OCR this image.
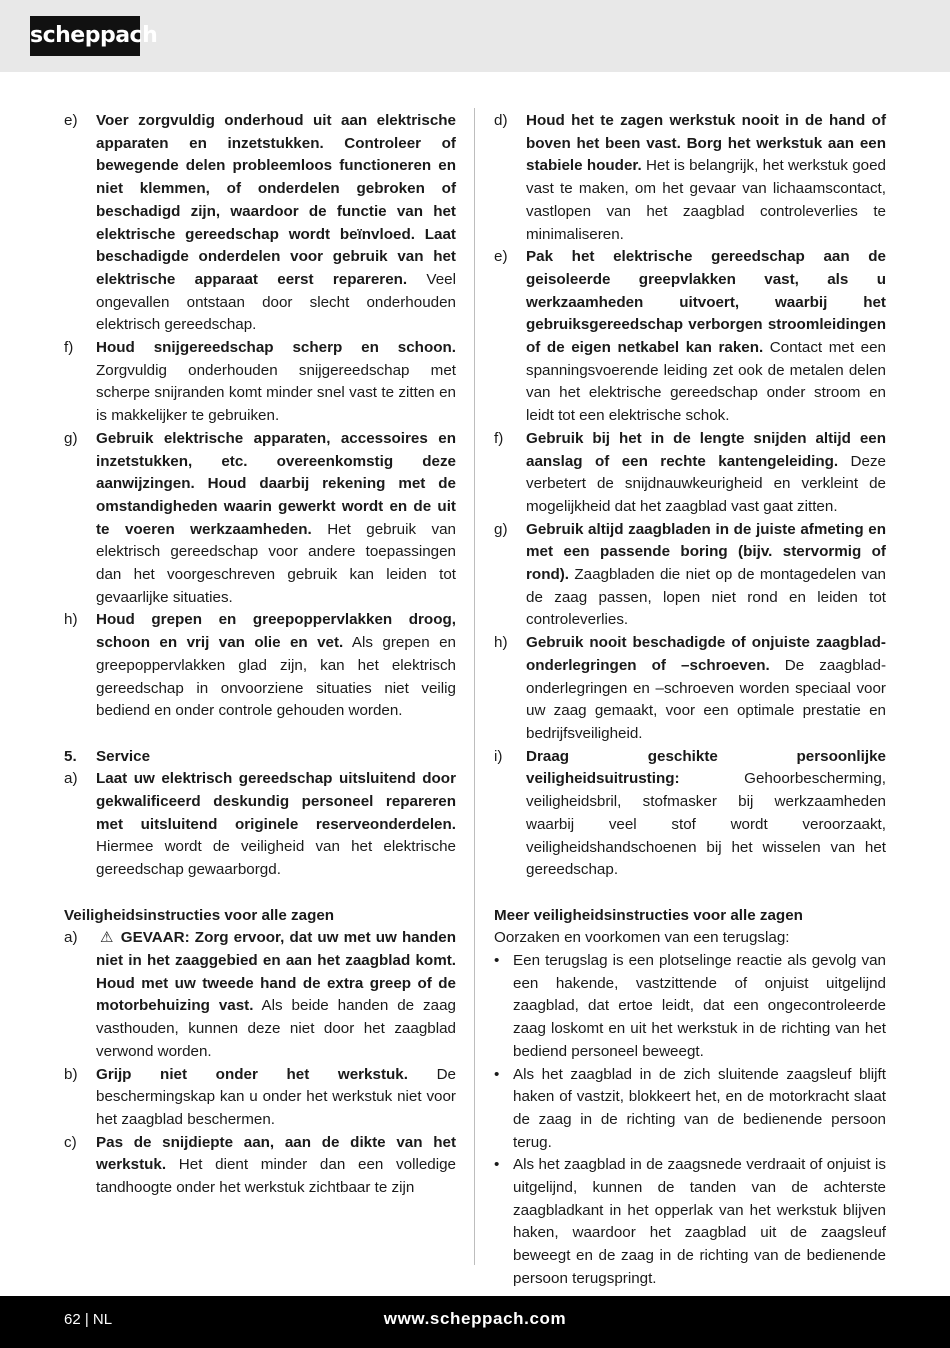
scheppach
e)	Voer zorgvuldig onderhoud uit aan elektrische apparaten en inzetstukken. Controleer of bewegende delen probleemloos functioneren en niet klemmen, of onderdelen gebroken of beschadigd zijn, waardoor de functie van het elektrische gereedschap wordt beïnvloed. Laat beschadigde onderdelen voor gebruik van het elektrische apparaat eerst repareren. Veel ongevallen ontstaan door slecht onderhouden elektrisch gereedschap.
f)	Houd snijgereedschap scherp en schoon. Zorgvuldig onderhouden snijgereedschap met scherpe snijranden komt minder snel vast te zitten en is makkelijker te gebruiken.
g)	Gebruik elektrische apparaten, accessoires en inzetstukken, etc. overeenkomstig deze aanwijzingen. Houd daarbij rekening met de omstandigheden waarin gewerkt wordt en de uit te voeren werkzaamheden. Het gebruik van elektrisch gereedschap voor andere toepassingen dan het voorgeschreven gebruik kan leiden tot gevaarlijke situaties.
h)	Houd grepen en greepoppervlakken droog, schoon en vrij van olie en vet. Als grepen en greepoppervlakken glad zijn, kan het elektrisch gereedschap in onvoorziene situaties niet veilig bediend en onder controle gehouden worden.
5.	Service
a)	Laat uw elektrisch gereedschap uitsluitend door gekwalificeerd deskundig personeel repareren met uitsluitend originele reserveonderdelen. Hiermee wordt de veiligheid van het elektrische gereedschap gewaarborgd.
Veiligheidsinstructies voor alle zagen
a)	⚠ GEVAAR: Zorg ervoor, dat uw met uw handen niet in het zaaggebied en aan het zaagblad komt. Houd met uw tweede hand de extra greep of de motorbehuizing vast. Als beide handen de zaag vasthouden, kunnen deze niet door het zaagblad verwond worden.
b)	Grijp niet onder het werkstuk. De beschermingskap kan u onder het werkstuk niet voor het zaagblad beschermen.
c)	Pas de snijdiepte aan, aan de dikte van het werkstuk. Het dient minder dan een volledige tandhoogte onder het werkstuk zichtbaar te zijn
d)	Houd het te zagen werkstuk nooit in de hand of boven het been vast. Borg het werkstuk aan een stabiele houder. Het is belangrijk, het werkstuk goed vast te maken, om het gevaar van lichaamscontact, vastlopen van het zaagblad controleverlies te minimaliseren.
e)	Pak het elektrische gereedschap aan de geisoleerde greepvlakken vast, als u werkzaamheden uitvoert, waarbij het gebruiksgereedschap verborgen stroomleidingen of de eigen netkabel kan raken. Contact met een spanningsvoerende leiding zet ook de metalen delen van het elektrische gereedschap onder stroom en leidt tot een elektrische schok.
f)	Gebruik bij het in de lengte snijden altijd een aanslag of een rechte kantengeleiding. Deze verbetert de snijdnauwkeurigheid en verkleint de mogelijkheid dat het zaagblad vast gaat zitten.
g)	Gebruik altijd zaagbladen in de juiste afmeting en met een passende boring (bijv. stervormig of rond). Zaagbladen die niet op de montagedelen van de zaag passen, lopen niet rond en leiden tot controleverlies.
h)	Gebruik nooit beschadigde of onjuiste zaagblad-onderlegringen of –schroeven. De zaagblad-onderlegringen en –schroeven worden speciaal voor uw zaag gemaakt, voor een optimale prestatie en bedrijfsveiligheid.
i)	Draag geschikte persoonlijke veiligheidsuitrusting: Gehoorbescherming, veiligheidsbril, stofmasker bij werkzaamheden waarbij veel stof wordt veroorzaakt, veiligheidshandschoenen bij het wisselen van het gereedschap.
Meer veiligheidsinstructies voor alle zagen
Oorzaken en voorkomen van een terugslag:
• Een terugslag is een plotselinge reactie als gevolg van een hakende, vastzittende of onjuist uitgelijnd zaagblad, dat ertoe leidt, dat een ongecontroleerde zaag loskomt en uit het werkstuk in de richting van het bediend personeel beweegt.
• Als het zaagblad in de zich sluitende zaagsleuf blijft haken of vastzit, blokkeert het, en de motorkracht slaat de zaag in de richting van de bedienende persoon terug.
• Als het zaagblad in de zaagsnede verdraait of onjuist is uitgelijnd, kunnen de tanden van de achterste zaagbladkant in het opperlak van het werkstuk blijven haken, waardoor het zaagblad uit de zaagsleuf beweegt en de zaag in de richting van de bedienende persoon terugspringt.
62 | NL	www.scheppach.com
